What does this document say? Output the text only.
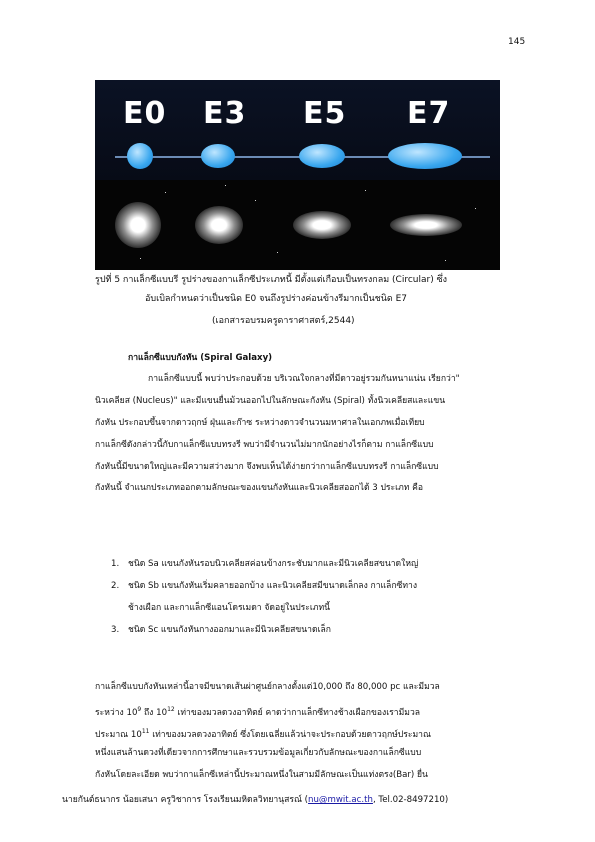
145
E0 E3 E5 E7
รูปที่ 5 กาแล็กซีแบบรี รูปร่างของกาแล็กซีประเภทนี้ มีตั้งแต่เกือบเป็นทรงกลม (Circular) ซึ่ง
อับเบิลกำหนดว่าเป็นชนิด E0 จนถึงรูปร่างค่อนข้างรีมากเป็นชนิด E7
(เอกสารอบรมครูดาราศาสตร์,2544)
กาแล็กซีแบบกังหัน (Spiral Galaxy)
กาแล็กซีแบบนี้ พบว่าประกอบด้วย บริเวณใจกลางที่มีดาวอยู่รวมกันหนาแน่น เรียกว่า"
นิวเคลียส (Nucleus)" และมีแขนยื่นม้วนออกไปในลักษณะกังหัน (Spiral) ทั้งนิวเคลียสและแขน
กังหัน ประกอบขึ้นจากดาวฤกษ์ ฝุ่นและก๊าซ ระหว่างดาวจำนวนมหาศาลในเอกภพเมื่อเทียบ
กาแล็กซีดังกล่าวนี้กับกาแล็กซีแบบทรงรี พบว่ามีจำนวนไม่มากนักอย่างไรก็ตาม กาแล็กซีแบบ
กังหันนี้มีขนาดใหญ่และมีความสว่างมาก จึงพบเห็นได้ง่ายกว่ากาแล็กซีแบบทรงรี กาแล็กซีแบบ
กังหันนี้ จำแนกประเภทออกตามลักษณะของแขนกังหันและนิวเคลียสออกได้ 3 ประเภท คือ
1. ชนิด Sa แขนกังหันรอบนิวเคลียสค่อนข้างกระชับมากและมีนิวเคลียสขนาดใหญ่
2. ชนิด Sb แขนกังหันเริ่มคลายออกบ้าง และนิวเคลียสมีขนาดเล็กลง กาแล็กซีทาง
ช้างเผือก และกาแล็กซีแอนโดรเมดา จัดอยู่ในประเภทนี้
3. ชนิด Sc แขนกังหันกางออกมาและมีนิวเคลียสขนาดเล็ก
กาแล็กซีแบบกังหันเหล่านี้อาจมีขนาดเส้นผ่าศูนย์กลางตั้งแต่10,000 ถึง 80,000 pc และมีมวล
ระหว่าง $10^9$ ถึง $10^{12}$ เท่าของมวลดวงอาทิตย์ คาดว่ากาแล็กซีทางช้างเผือกของเรามีมวล
ประมาณ $10^{11}$ เท่าของมวลดวงอาทิตย์ ซึ่งโดยเฉลี่ยแล้วน่าจะประกอบด้วยดาวฤกษ์ประมาณ
หนึ่งแสนล้านดวงที่เดียวจากการศึกษาและรวบรวมข้อมูลเกี่ยวกับลักษณะของกาแล็กซีแบบ
กังหันโดยละเอียด พบว่ากาแล็กซีเหล่านี้ประมาณหนึ่งในสามมีลักษณะเป็นแท่งตรง(Bar) ยื่น
นายกันต์ธนากร น้อยเสนา ครูวิชาการ โรงเรียนมหิดลวิทยานุสรณ์ (nu@mwit.ac.th, Tel.02-8497210)
